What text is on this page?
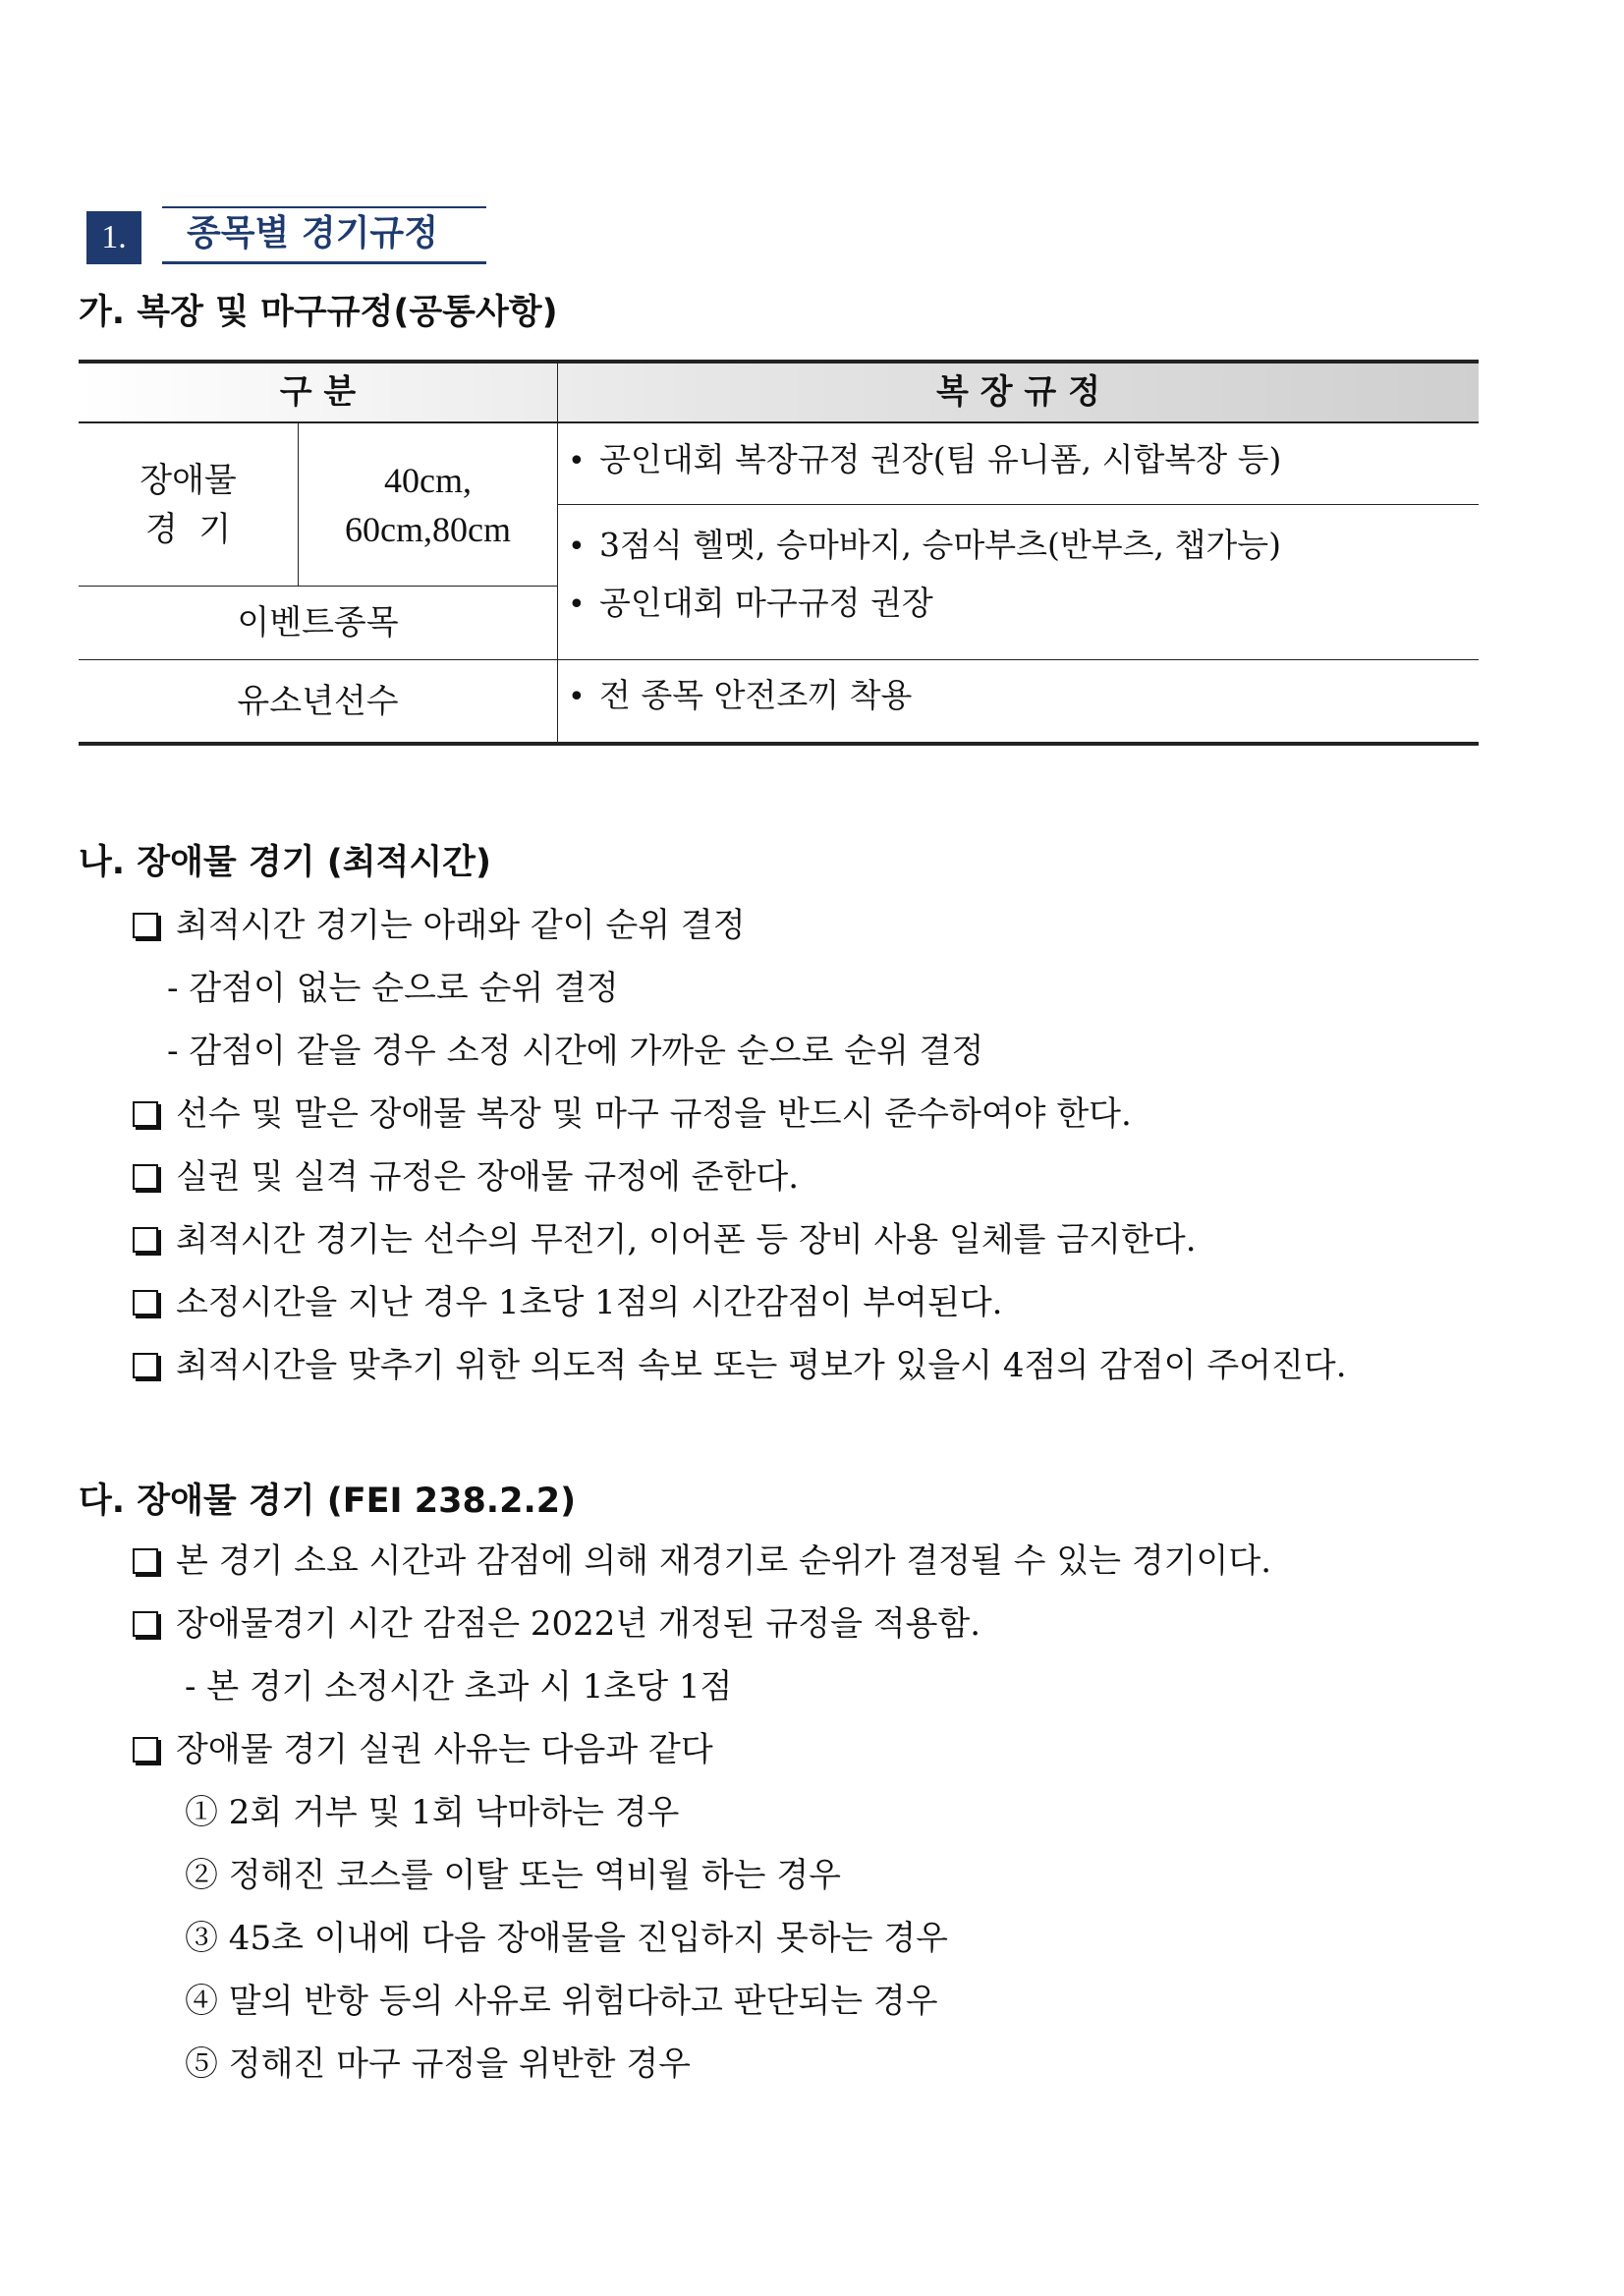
1.	종목별 경기규정
가. 복장 및 마구규정(공통사항)
구 분	복 장 규 정
장애물
경  기
40cm,
60cm,80cm
이벤트종목
유소년선수
• 공인대회 복장규정 권장(팀 유니폼, 시합복장 등)
• 3점식 헬멧, 승마바지, 승마부츠(반부츠, 챕가능)
• 공인대회 마구규정 권장
• 전 종목 안전조끼 착용
나. 장애물 경기 (최적시간)
최적시간 경기는 아래와 같이 순위 결정
- 감점이 없는 순으로 순위 결정
- 감점이 같을 경우 소정 시간에 가까운 순으로 순위 결정
선수 및 말은 장애물 복장 및 마구 규정을 반드시 준수하여야 한다.
실권 및 실격 규정은 장애물 규정에 준한다.
최적시간 경기는 선수의 무전기, 이어폰 등 장비 사용 일체를 금지한다.
소정시간을 지난 경우 1초당 1점의 시간감점이 부여된다.
최적시간을 맞추기 위한 의도적 속보 또는 평보가 있을시 4점의 감점이 주어진다.
다. 장애물 경기 (FEI 238.2.2)
본 경기 소요 시간과 감점에 의해 재경기로 순위가 결정될 수 있는 경기이다.
장애물경기 시간 감점은 2022년 개정된 규정을 적용함.
- 본 경기 소정시간 초과 시 1초당 1점
장애물 경기 실권 사유는 다음과 같다
① 2회 거부 및 1회 낙마하는 경우
② 정해진 코스를 이탈 또는 역비월 하는 경우
③ 45초 이내에 다음 장애물을 진입하지 못하는 경우
④ 말의 반항 등의 사유로 위험다하고 판단되는 경우
⑤ 정해진 마구 규정을 위반한 경우
